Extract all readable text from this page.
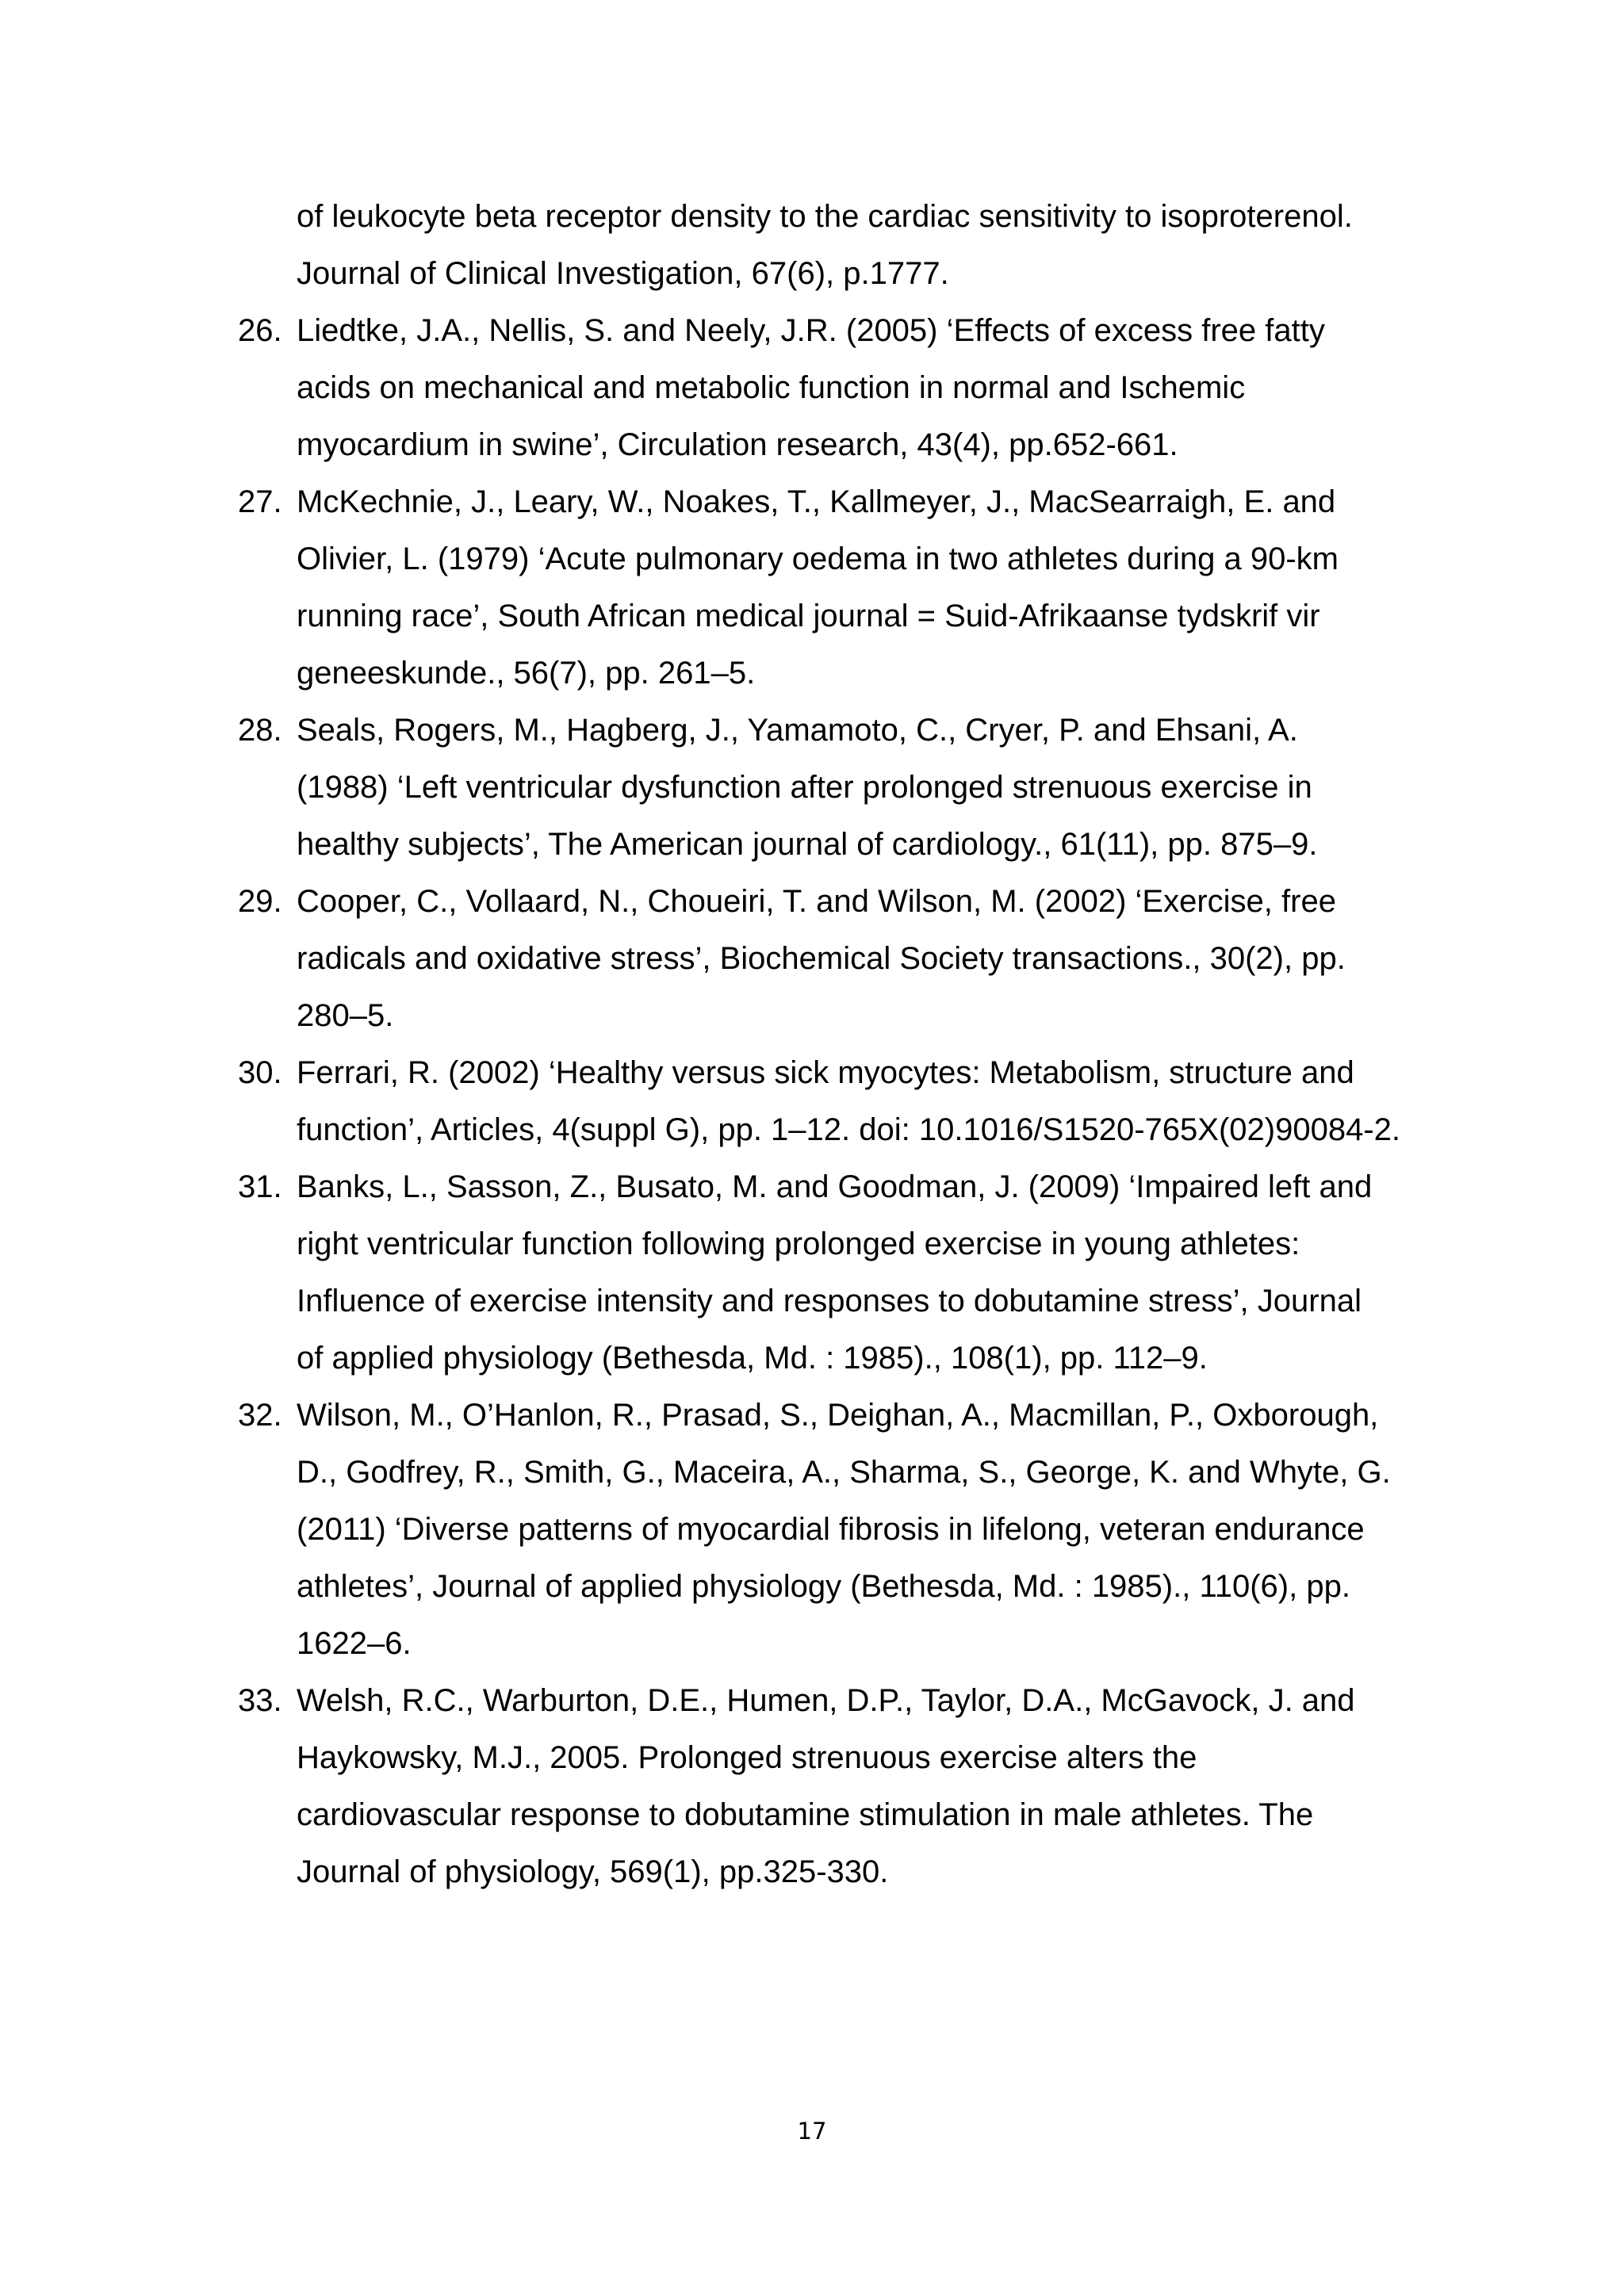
of leukocyte beta receptor density to the cardiac sensitivity to isoproterenol.
Journal of Clinical Investigation, 67(6), p.1777.
26. Liedtke, J.A., Nellis, S. and Neely, J.R. (2005) ‘Effects of excess free fatty
acids on mechanical and metabolic function in normal and Ischemic
myocardium in swine’, Circulation research, 43(4), pp.652-661.
27. McKechnie, J., Leary, W., Noakes, T., Kallmeyer, J., MacSearraigh, E. and
Olivier, L. (1979) ‘Acute pulmonary oedema in two athletes during a 90-km
running race’, South African medical journal = Suid-Afrikaanse tydskrif vir
geneeskunde., 56(7), pp. 261–5.
28. Seals, Rogers, M., Hagberg, J., Yamamoto, C., Cryer, P. and Ehsani, A.
(1988) ‘Left ventricular dysfunction after prolonged strenuous exercise in
healthy subjects’, The American journal of cardiology., 61(11), pp. 875–9.
29. Cooper, C., Vollaard, N., Choueiri, T. and Wilson, M. (2002) ‘Exercise, free
radicals and oxidative stress’, Biochemical Society transactions., 30(2), pp.
280–5.
30. Ferrari, R. (2002) ‘Healthy versus sick myocytes: Metabolism, structure and
function’, Articles, 4(suppl G), pp. 1–12. doi: 10.1016/S1520-765X(02)90084-2.
31. Banks, L., Sasson, Z., Busato, M. and Goodman, J. (2009) ‘Impaired left and
right ventricular function following prolonged exercise in young athletes:
Influence of exercise intensity and responses to dobutamine stress’, Journal
of applied physiology (Bethesda, Md. : 1985)., 108(1), pp. 112–9.
32. Wilson, M., O’Hanlon, R., Prasad, S., Deighan, A., Macmillan, P., Oxborough,
D., Godfrey, R., Smith, G., Maceira, A., Sharma, S., George, K. and Whyte, G.
(2011) ‘Diverse patterns of myocardial fibrosis in lifelong, veteran endurance
athletes’, Journal of applied physiology (Bethesda, Md. : 1985)., 110(6), pp.
1622–6.
33. Welsh, R.C., Warburton, D.E., Humen, D.P., Taylor, D.A., McGavock, J. and
Haykowsky, M.J., 2005. Prolonged strenuous exercise alters the
cardiovascular response to dobutamine stimulation in male athletes. The
Journal of physiology, 569(1), pp.325-330.
17
